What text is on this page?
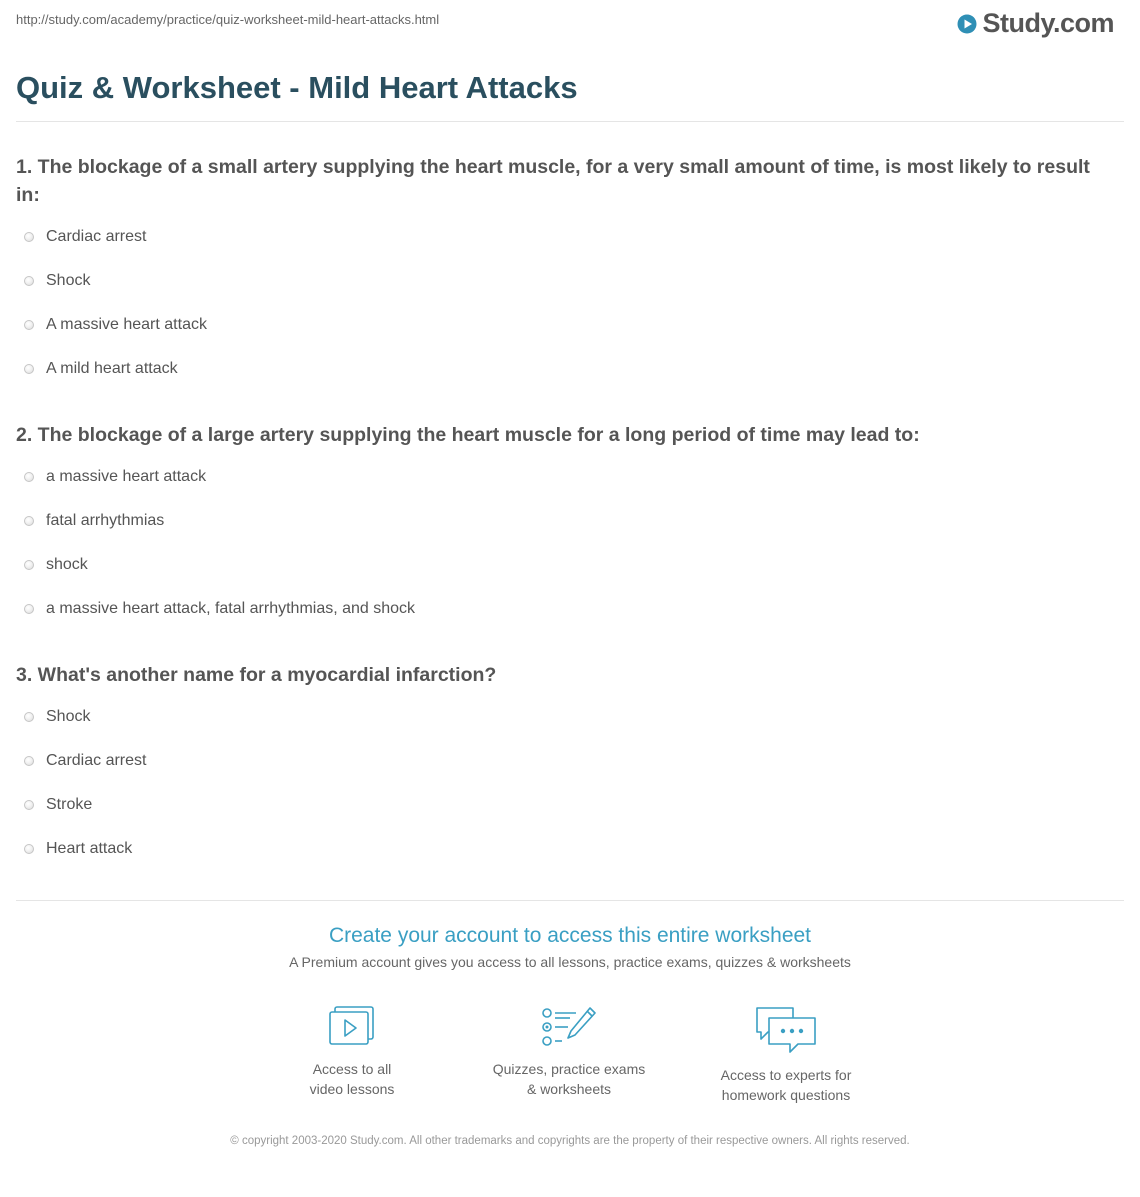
http://study.com/academy/practice/quiz-worksheet-mild-heart-attacks.html	Study.com
Quiz & Worksheet - Mild Heart Attacks

1. The blockage of a small artery supplying the heart muscle, for a very small amount of time, is most likely to result in:

Cardiac arrest
Shock
A massive heart attack
A mild heart attack

2. The blockage of a large artery supplying the heart muscle for a long period of time may lead to:

a massive heart attack
fatal arrhythmias
shock
a massive heart attack, fatal arrhythmias, and shock

3. What's another name for a myocardial infarction?

Shock
Cardiac arrest
Stroke
Heart attack
Create your account to access this entire worksheet
A Premium account gives you access to all lessons, practice exams, quizzes & worksheets
Access to all
video lessons
Quizzes, practice exams
& worksheets
Access to experts for
homework questions
© copyright 2003-2020 Study.com. All other trademarks and copyrights are the property of their respective owners. All rights reserved.
